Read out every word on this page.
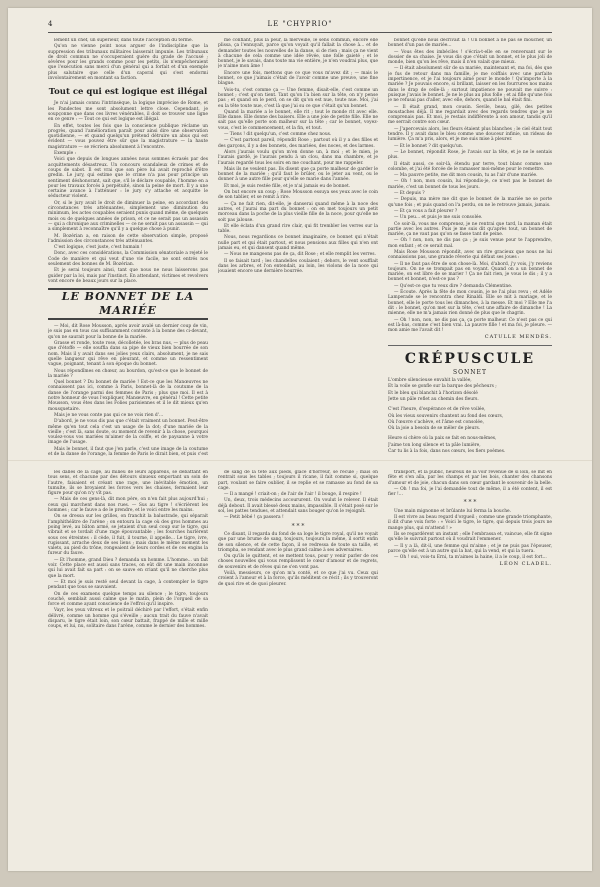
4	LE "CHYPRIO"

lement un chef, un supérieur, dans toute l'acception du terme.

Qu'on ne vienne point nous arguer de l'indiscipline que la suppression des tribunaux militaires laisserait impunie. Les tribunaux de droit commun ne s'occuperaient guère du grade de l'accusé ; sévères pour les grands comme pour les petits, ils n'empêcheraient que l'exécution sans merci d'un général qui a forfait et d'un exemple plus salutaire que celle d'un caporal qui s'est endormi involontairement en montant sa faction.

Tout ce qui est logique est illégal

Je n'ai jamais connu l'intrinsèque, la logique imprécise de Rome, et les Pandectes me sont absolument lettre close. Cependant, je soupçonne que dans ces livres vénérables, il doit se trouver une ligne en ce genre : — Tout ce qui est logique est illégal.

En effet, toutes les fois que la conscience publique réclame un progrès, quand l'amélioration paraît pour ainsi dire une observation quotidienne, — et quand quelqu'un prétend détruire un abus qui est évident — vous pouvez être sûr que la magistrature — la haute magistrature — se récriera absolument à l'encontre.

Exemple :

Voici que depuis de longues années nous sommes écrasés par des acquittements désastreux. Un concours scandaleux de crimes et de coups de sabot. Il est vrai que son père lui avait reproché d'être gredin. Le jury, qui estime que le crime n'a pas pour principe un sentiment déshonorant, sait que, s'il le déclare coupable, l'homme en a pour les travaux forcés à perpétuité, sinon la peine de mort. Il y a une certaine avance à l'atténuer : le jury s'y attache et acquitte le séducteur violent.

Or, si le jury avait le droit de diminuer la peine, en accordant des circonstances très atténuantes, simplement une diminution du minimum, les actes coupables seraient punis quand même, de quelques mois ou de quelques années de prison, et ce ne serait pas un assassin — qui a chronique aux criminelles — ce ne serait pas un assassin — qui a simplement à reconnaître qu'il y a quelque chose à punir.

M. Bozérian a, en raison de cette observation simple, proposé l'admission des circonstances très atténuantes.

C'est logique, c'est juste, c'est humain !

Donc, avec ces considérations, la Commission sénatoriale a rejeté le Code de manière et qui veut d'une vie facile, ne sont entrés nos seulement des bonnes de M. Bozérian.

Et je serai toujours ainsi, tant que nous ne nous laisserons pas guider par la loi, mais par l'instinct. En attendant, victimes et revolvers vont encore de beaux jours sur la place.

LE BONNET DE LA MARIÉE

— Moi, dit Rose Mousson, après avoir avalé un dernier coup de vin, je suis pas en tous cas suffisamment contente à la bonne des ci-devant, qu'on ne saurait pour la bonne de la mariée.

Grasse et ronde, toute rose, décolletée, les bras nus, — plus de peau que d'étoffe — elle souffla dans sa pipe de vieux bien bourrée de son nom. Mais il y avait dans ses jolies yeux clairs, absolument, je ne sais quelle langueur qui rêve en pleurant, et comme un ressentiment vague, poignant, tenant à son époque du bonnet.

Nous répondîmes en chœur, au bourdon, qu'est-ce que le bonnet de la mariée ?

Quel bonnet ? Du bonnet de mariée ! Est-ce que les Manœuvres ne connaissent pas ici, comme à Paris, bonnet-là de la coutume de la danse de l'orange parmi des femmes de Paris ; plus que moi. Il est à notre honneur de vous l'expliquer, Manœuvre, en général ! Cette petite Mousson, vous êtes dans les Folies parisiennes et il le dit mieux qu'en mousquetaire.

Mais je ne vous conte pas qui ce ne vois rien d'...

D'abord, je ne vous dis pas que c'était vraiment un bonnet. Peut-être même qu'en tout cela c'est un usage de la dot; d'une mariée de la vieille ; c'est là, sans doute, ou moment de revenir à la chose, pourquoi voulez-vous vos mariées m'aimer de la coiffe, et de paysanne à votre image de l'usage.

Mais le bonnet, il faut que j'en parle, c'est une image de la coutume et de la danse de l'orange, la femme de Paris le dirait bien, et puis c'est

me confiant, plus la peur, la merveille, le sens commun, encore elle plissa, ça l'ennuyait, parce qu'on voyait qu'il fallait la chose à... et de demander toutes les nouvelles de la danse, si de rien ; mais ça ne vient à chacune de cela comme une idée rêvée, une folle gaieté ; et le bonnet, je le savais, dans toute ma vie entière, je n'en voudrai plus, que je n'aime mon âme !

Encore une fois, mettons que ce que vous m'avez dit ; — mais le bonnet, ce que j'aimais c'était de l'avoir comme une preuve, une fine blague.

Vois-tu, c'est comme ça — Une femme, disait-elle, c'est comme un bonnet ; c'est qu'on tient. Tant qu'on l'a bien sur la tête, on n'y pense pas ; et quand on le perd, on se dit qu'on est nue, toute nue. Moi, j'ai eu la tête toute nue, c'est là que j'ai su ce que c'était qu'un bonnet.

Quand la mariée a le bonnet, elle rit ; tout le monde rit avec elle. Elle danse. Elle donne des baisers. Elle a une joie de petite fille. Elle ne sait pas qu'elle porte son malheur sur la tête ; car le bonnet, voyez-vous, c'est le commencement, et la fin, et tout.

— Tiens ! dit quelqu'un, c'est comme chez nous.

— C'est partout pareil, répondit Rose ; partout où il y a des filles et des garçons, il y a des bonnets, des mariées, des noces, et des larmes.

Alors j'aurais voulu qu'on m'en donne un, à moi ; et le mien, je l'aurais gardé, je l'aurais pendu à un clou, dans ma chambre, et je l'aurais regardé tous les soirs en me couchant, pour me rappeler.

Mais ils ne veulent pas. Ils disent que ça porte malheur de garder le bonnet de la mariée ; qu'il faut le brûler, ou le jeter au vent, ou le donner à une autre fille pour qu'elle se marie dans l'année.

Et moi, je suis restée fille, et je n'ai jamais eu de bonnet.

On but encore un coup ; Rose Mousson essuya ses yeux avec le coin de son tablier, et se remit à rire.

— Ça ne fait rien, dit-elle, je danserai quand même à la noce des autres, et j'aurai ma part du bonnet : on en met toujours un petit morceau dans la poche de la plus vieille fille de la noce, pour qu'elle ne soit pas jalouse.

Et elle éclata d'un grand rire clair, qui fit trembler les verres sur la table.

Nous, nous regardions ce bonnet imaginaire, ce bonnet qui n'était nulle part et qui était partout, et nous pensions aux filles qui n'en ont jamais eu, et qui dansent quand même.

— Nous ne mangeons pas de ça, dit Rose ; et elle remplit les verres.

Il se faisait tard ; les chandelles coulaient ; dehors, le vent soufflait dans les arbres, et l'on entendait, au loin, les violons de la noce qui jouaient encore une dernière bourrée.

bonnet qu'elle nous décrivait là ! Un bonnet à ne pas se moucher, un bonnet d'un pas de mariée...

— Vous êtes des imbéciles ! s'écria-t-elle en se renversant sur le dossier de sa chaise. Je vous dis que c'était un bonnet, et le plus joli de monde, bien qu'on les rêve, mais il n'en valait que mieux.

— Il était absolument sûr de sa mariée, maintenant et, ma foi, dès que je fus de retour dans ma famille, je me coiffais avec une parfaite impertinence, et je l'ai toujours aimé pour le monde ! Qu'importe à la mariée ? Je pouvais encore, si brillant, laisser en les fourrures nos mains dans le drap de celle-là ; surtout impatience ne pouvait me suivre : puisque j'avais le bonnet. Je ne le plus au plus folle ; et ai fille qu'une fois je ne refusai pas d'aller, avec elle, dehors, quand le bal était fini.

— Il était grand, mon cousin. Sevile, beau, gilé, des petites moustaches déjà. Il me regardait avec des regards tendres que je ne comprenais pas. Et moi, je restais indifférente à son amour, tandis qu'il me serrait contre son cœur.

— J'apercevais alors, les fleurs étaient plus blanches ; le ciel était tout tendre. Il y avait dans le bleu comme une douceur infinie, un rideau de lumière. Ça m'a pris, alors, et je me suis mise à pleurer.

— Et le bonnet ? dit quelqu'un.

— Le bonnet, répondit Rose, je l'avais sur la tête, et je ne le sentais plus.

Il était aussi, ce soir-là, étendu par terre, tout blanc comme une colombe, et j'ai été forcée de le ramasser moi-même pour le remettre.

— Ma pauvre petite, me dit mon cousin, tu as l'air d'une mariée.

— Oh ! non, mon cousin, lui répondis-je, ce n'est pas le bonnet de mariée, c'est un bonnet de tous les jours.

— Et depuis ?

— Depuis, ma mère me dit que le bonnet de la mariée ne se porte qu'une fois ; et puis quand on l'a perdu, on ne le retrouve jamais, jamais.

— Et ça vous a fait pleurer ?

— Un peu... et puis je me suis consolée.

Ce soir-là, vous me comprenez, je ne rentrai que tard, la maman était partie avec les autres. Puis je me suis dit qu'après tout, un bonnet de mariée, ça ne vaut pas qu'on se fasse tant de peine.

— Oh ! non, non, ne dis pas ça ; je suis venue pour te l'apprendre, mon enfant ; et ce serait mal.

Mais Rose Mousson répondit, avec un rire gracieux que nous ne lui connaissions pas, une grande rêverie qui défaut ses joues :

— Il ne faut pas être de son chose-là. Moi, d'abord, j'y vois, j'y reviens toujours. On ne se trompait pas en voyant. Quand on a un bonnet de mariée, on est libre de se marier ! Ça ne fait rien, je vous le dis ; il y a bonnet et bonnet, n'est-ce pas ?

— Qu'est-ce que tu veux dire ? demanda Clémentine.

— Écoute. Après la fête de mon cousin, je ne l'ai plus revu ; et Adèle Lamperade se le rencontra chez Rinaldi. Elle se mit à mariage, et le bonnet, elle le porte tous les dimanches, à la messe. Et moi ? Elle me l'a dit : le bonnet, qu'on met sur la tête, c'est une affaire de dimanche ! La mienne, elle ne m'a jamais rien donné de plus que le chagrin.

— Oh ! non, non, ne dis pas ça, ça porte malheur. Ce n'est pas ce qui est là-bas, comme c'est bien vrai. La pauvre fille ! et ma foi, je pleure. — mon amie me l'avait dit !

CATULLE MENDÈS.
CRÉPUSCULE
SONNET

L'ombre silencieuse envahit la vallée,

Et la voile se gonfle sur la barque des pêcheurs ;

Et le bleu qui blanchit à l'horizon désolé

Jette un pâle reflet au chemin des fleurs.

C'est l'heure, d'espérance et de rêve voilée,

Où les vieux souvenirs chantent au fond des cœurs,

Où l'œuvre s'achève, et l'âme est consolée,

Où la joie a besoin de se mêler de pleurs.

Heure si chère où la paix se fait en nous-mêmes,

J'aime ton long silence et ta pâle lumière,

Car tu lis à la fois, dans nos cœurs, les fiers poèmes.

les dalles de la cage, au milieu de leurs appareils, se débattant en tous sens, et chacune par des détours sinueux emportant un soin de l'autre, faisaient et créant une rage, une inévitable émotion, un tumulte, ils se broyaient les forces vers les chaises, fermaient leur figure pour qu'on n'y vît pas.

— Mais de ces gens-là, dit mon père, on n'en fait plus aujourd'hui ; ceux qui marchent dans nos rues. — Sus au tigre ! s'écrièrent les hommes ; car le fauve a de le prendre, et le voici entre les mains.

On se dressa sur les grilles, on franchit la balustrade, qui séparait l'amphithéâtre de l'arène ; on entoura la cage où des gros hommes au poing levé, au bâton armé, se jetaient d'un seul coup sur le tigre, qui vibrait et se tordait d'une rage épouvantable ; les fourches hurlèrent sous ces étreintes : il cède, il fuit, il tourne, il appelle... Le tigre, ivre, rugissant, arrache deux de ses liens ; mais dans le même moment les valets, au pied du trône, rongeaient de leurs cordes et de ces engins la fureur du fauve.

— Et l'homme, grand Dieu ? demanda un homme. L'homme... un fait voir. Cette place est aussi sans traces, on eût dit une main inconnue qui lui avait fait sa part : on se sauve en criant qu'il ne cherche plus que la mort.

— Et moi je suis resté seul devant la cage, à contempler le tigre pendant que tous se sauvaient.

On de ces examens quelque temps au silence ; le tigre, toujours couché, semblait aussi calme que le matin, plein de l'orgueil de sa force et comme ayant conscience de l'effroi qu'il inspire.

Vayr, les yeux vitreux et le poitrail déchiré par l'effort, s'était enfin délivré, comme un homme qui s'éveille ; aucun trait du fauve n'avait disparu, le tigre était loin, son cœur battait, frappé de mille et mille coups, et lui, nu, solitaire dans l'arène, comme le dernier des hommes.

de sang de la tête aux pieds, glacé d'horreur, se recule ; mais on rentrait sous les tables ; toujours il ricane, il fait comme si, quelque part, voulant se faire oublier, il se replie et se ramasse au fond de sa cage.

— Il a mangé ! criait-on ; de l'air de l'air ! il bouge, il respire !

Un, deux, trois médecins accoururent. On voulut le relever. Il était déjà debout. Il avait blessé deux mains, impassible. Il s'était posé sur le sol, les pattes tendues, et attendait sans bouger qu'on le rejoignît.

— Petit bébé ! ça passera !

* * *

Ce disant, il regarda du fond de sa loge le tigre royal, qu'il ne voyait que par une brume de sang, toujours, toujours la même, il sortit enfin de son silence, et de cette façon, il se redressa de toute sa taille, et triompha, se rendant avec le plus grand calme à ses adversaires.

Ou qu'ils le quittent, et se mettent tous, pour y venir parler de ces choses nouvelles qui vous remplissent le cœur d'amour et de regrets, de souvenirs et de rêves qui ne s'en vont pas.

Voilà, messieurs, ce qu'on m'a conté, et ce que j'ai vu. Ceux qui croient à l'amour et à la force, qu'ils méditent ce récit ; ils y trouveront de quoi rire et de quoi pleurer.

transport, et la public, heureux de la voir revenue de si loin, se mit en fête et s'en alla, par les champs et par les bois, chanter des chansons d'amour et de joie, chacun dans son cœur gardant le souvenir de la belle.

— Oh ! ma foi, je l'ai demandée tout de même, il a été content, il est fier !...

* * *

Une main mignonne et brûlante lui ferma la bouche.

Il est vivre au beau regard d'orgueil ; comme une grande triomphante, il dit d'une voix forte : « Voici le tigre, le tigre, qui depuis trois jours ne mange plus, qui m'attend ! »

Ils se regardèrent un instant ; elle l'embrassa et, vaincue, elle fit signe qu'elle le suivrait partout où il voudrait l'emmener.

— Il y a là, dit-il, une femme qui m'aime ; et je ne puis pas l'épouser, parce qu'elle est à un autre qui la bat, qui la vend, et qui la tuera.

— Oh ! oui, vois-tu Erni, ta m'aimes la haine, il a le coup, il est fort...

LÉON CLADEL.
